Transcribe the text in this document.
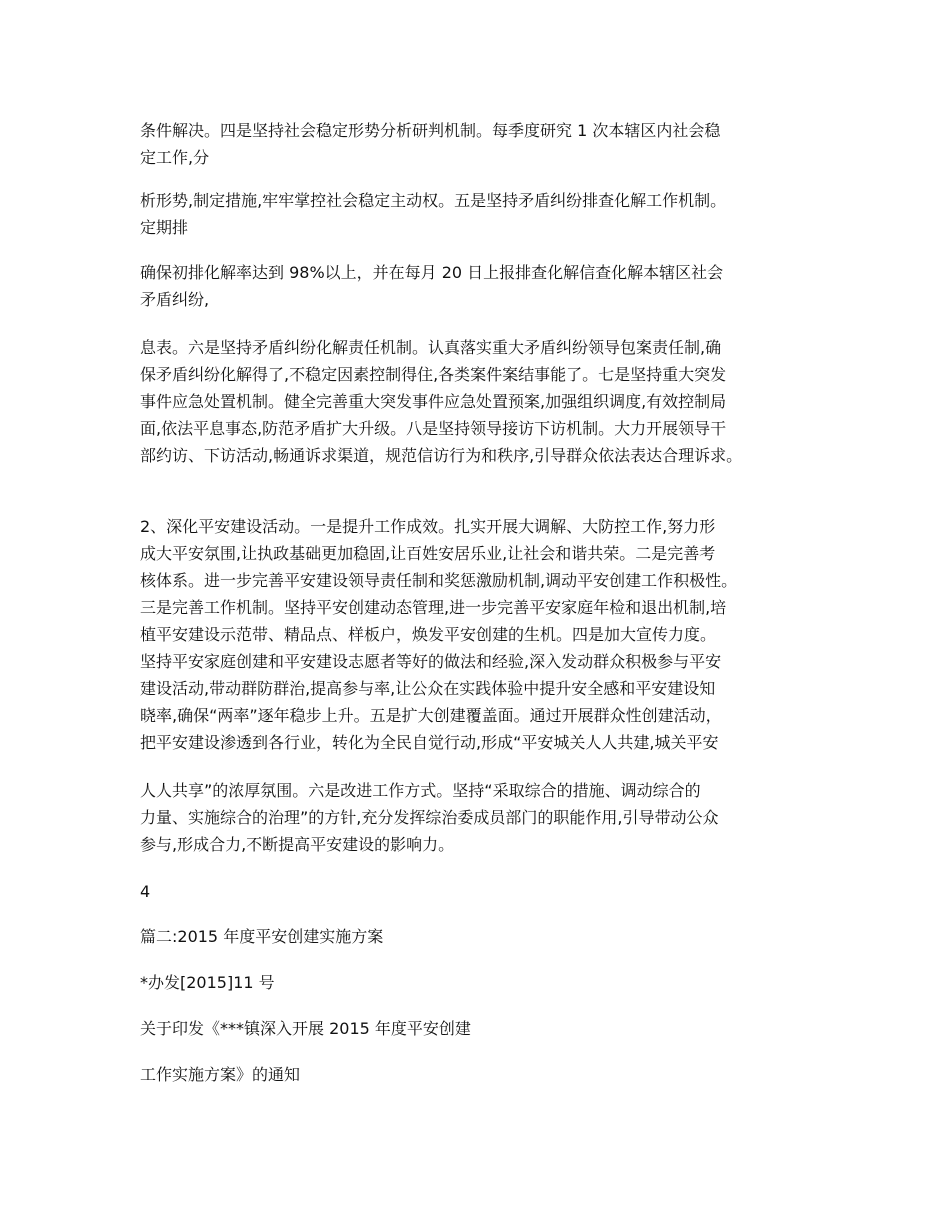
条件解决。四是坚持社会稳定形势分析研判机制。每季度研究 1 次本辖区内社会稳
定工作,分

析形势,制定措施,牢牢掌控社会稳定主动权。五是坚持矛盾纠纷排查化解工作机制。
定期排

确保初排化解率达到 98%以上，并在每月 20 日上报排查化解信查化解本辖区社会
矛盾纠纷,

息表。六是坚持矛盾纠纷化解责任机制。认真落实重大矛盾纠纷领导包案责任制,确
保矛盾纠纷化解得了,不稳定因素控制得住,各类案件案结事能了。七是坚持重大突发
事件应急处置机制。健全完善重大突发事件应急处置预案,加强组织调度,有效控制局
面,依法平息事态,防范矛盾扩大升级。八是坚持领导接访下访机制。大力开展领导干
部约访、下访活动,畅通诉求渠道，规范信访行为和秩序,引导群众依法表达合理诉求。

2、深化平安建设活动。一是提升工作成效。扎实开展大调解、大防控工作,努力形
成大平安氛围,让执政基础更加稳固,让百姓安居乐业,让社会和谐共荣。二是完善考
核体系。进一步完善平安建设领导责任制和奖惩激励机制,调动平安创建工作积极性。
三是完善工作机制。坚持平安创建动态管理,进一步完善平安家庭年检和退出机制,培
植平安建设示范带、精品点、样板户，焕发平安创建的生机。四是加大宣传力度。
坚持平安家庭创建和平安建设志愿者等好的做法和经验,深入发动群众积极参与平安
建设活动,带动群防群治,提高参与率,让公众在实践体验中提升安全感和平安建设知
晓率,确保“两率”逐年稳步上升。五是扩大创建覆盖面。通过开展群众性创建活动，
把平安建设渗透到各行业，转化为全民自觉行动,形成“平安城关人人共建,城关平安

人人共享”的浓厚氛围。六是改进工作方式。坚持“采取综合的措施、调动综合的
力量、实施综合的治理”的方针,充分发挥综治委成员部门的职能作用,引导带动公众
参与,形成合力,不断提高平安建设的影响力。

4

篇二:2015 年度平安创建实施方案

*办发[2015]11 号

关于印发《***镇深入开展 2015 年度平安创建

工作实施方案》的通知
